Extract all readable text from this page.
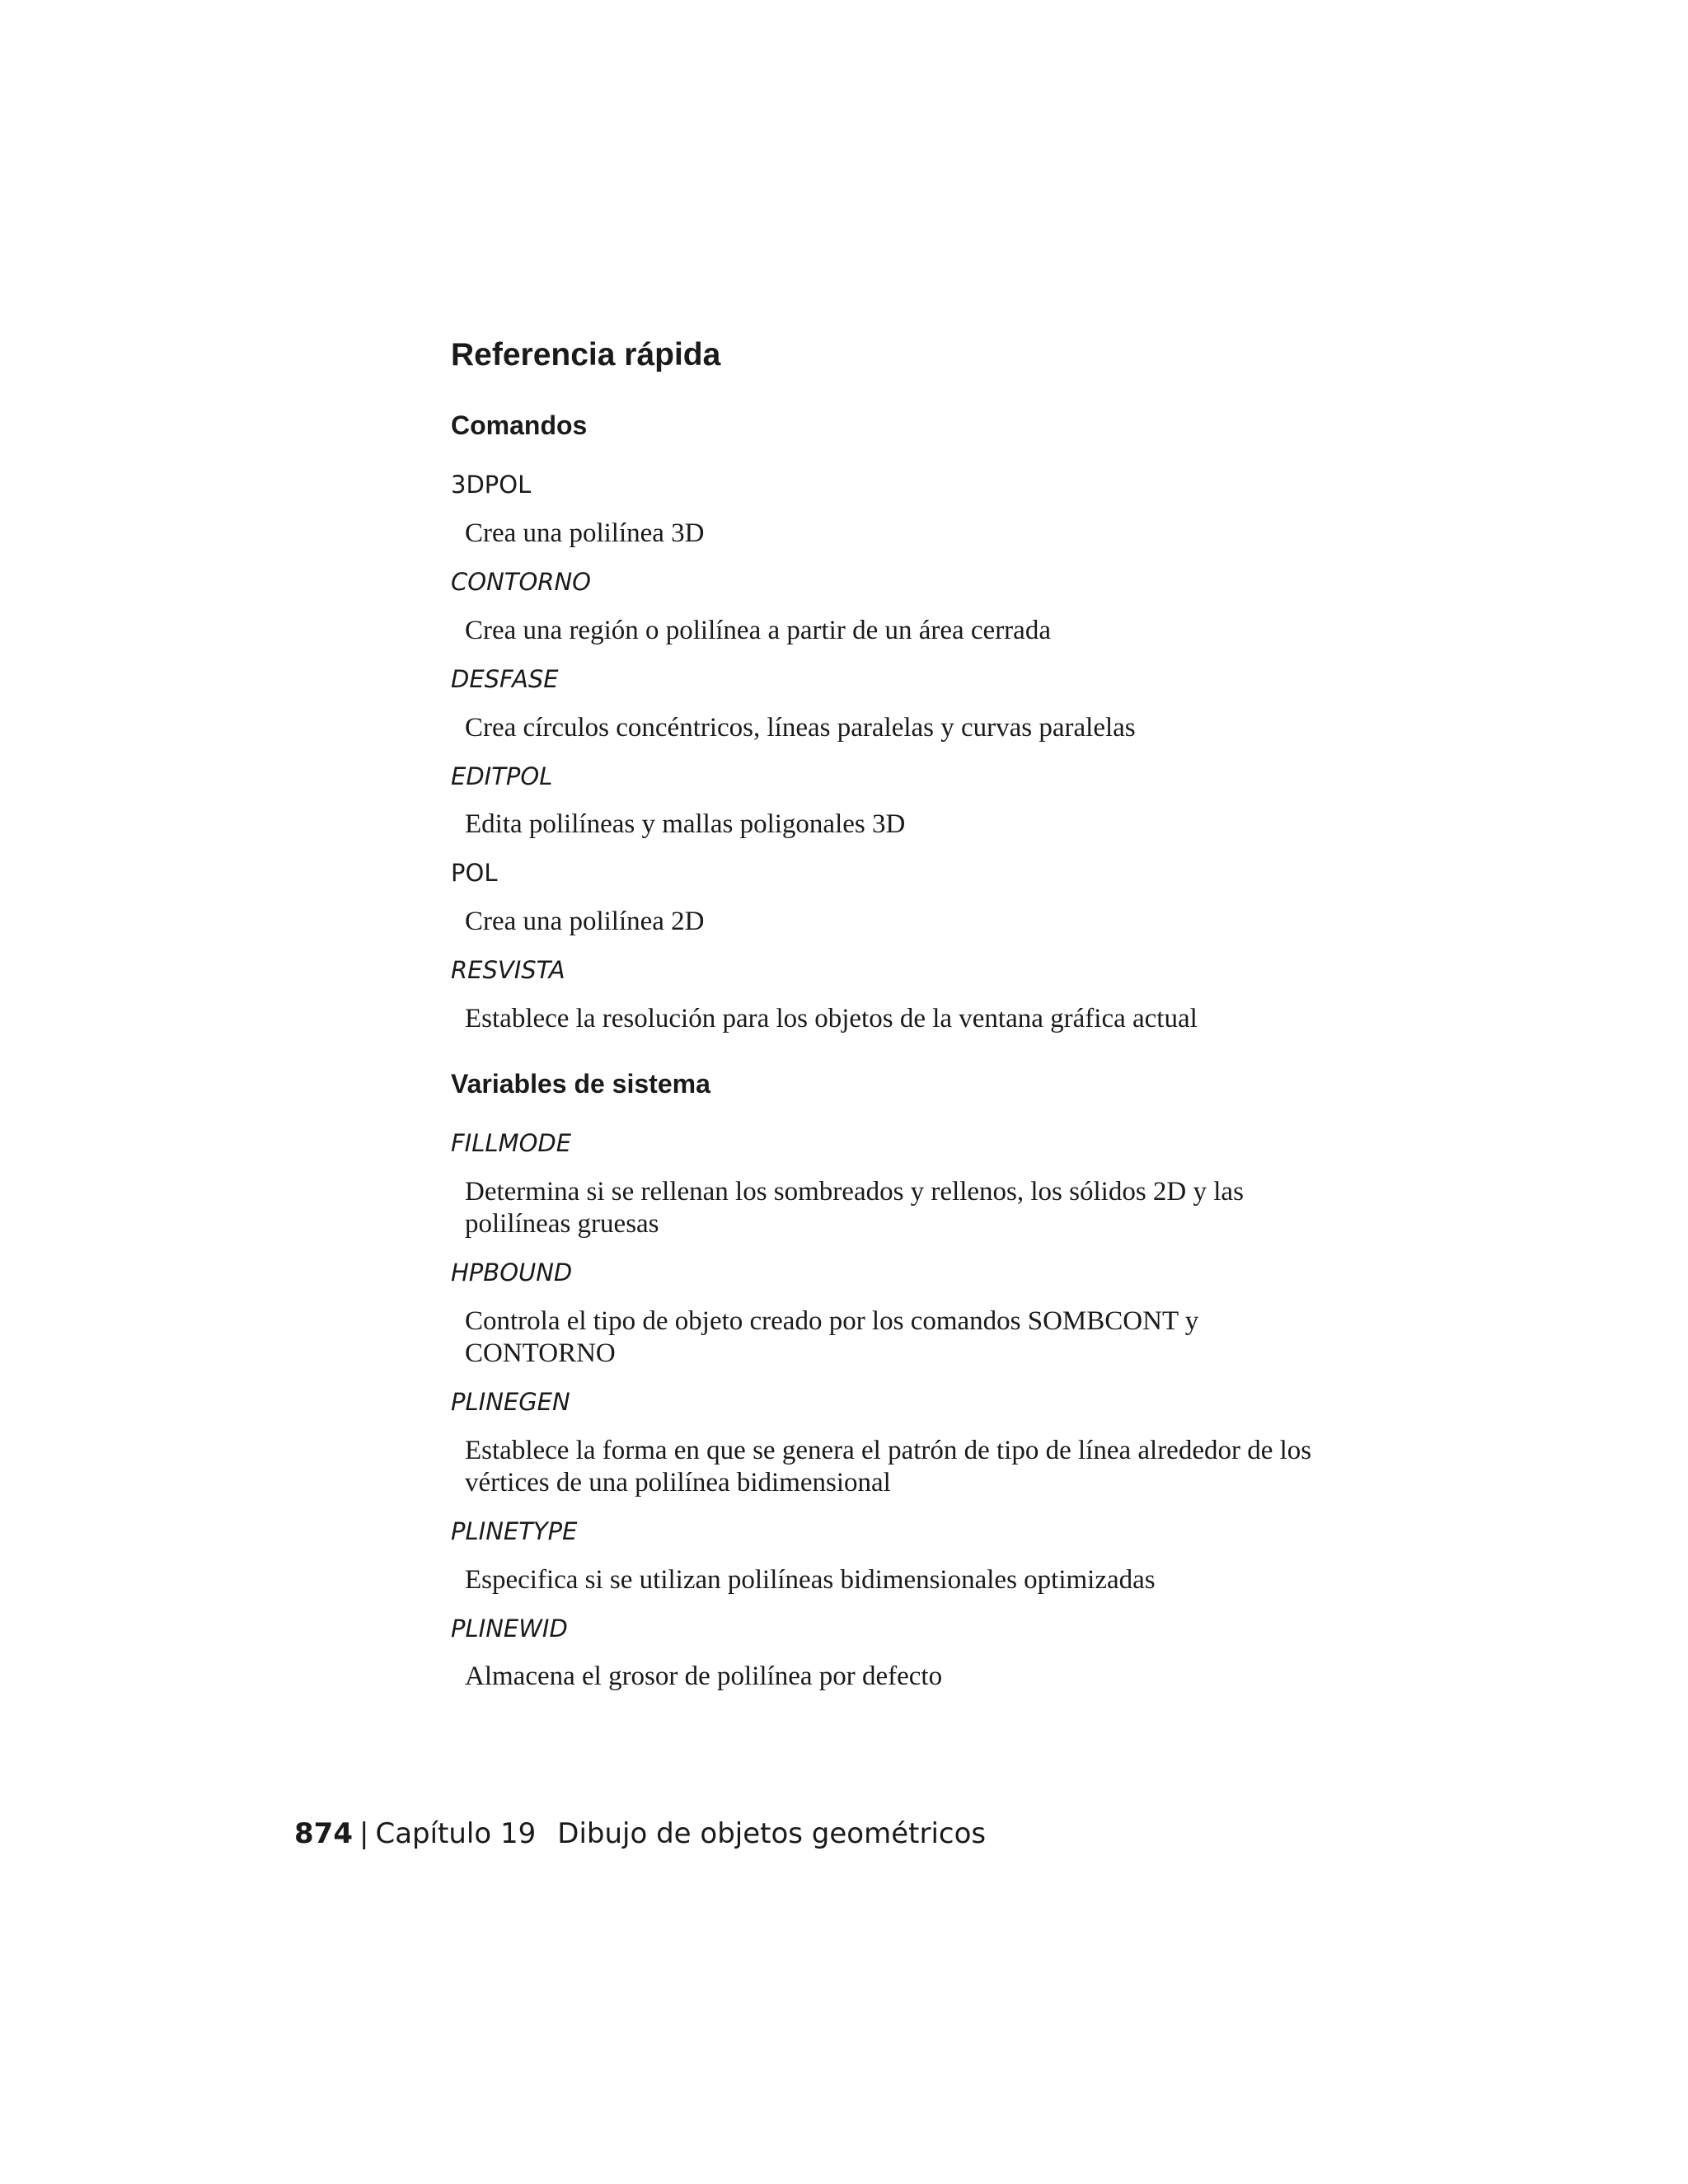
Referencia rápida
Comandos
3DPOL
Crea una polilínea 3D
CONTORNO
Crea una región o polilínea a partir de un área cerrada
DESFASE
Crea círculos concéntricos, líneas paralelas y curvas paralelas
EDITPOL
Edita polilíneas y mallas poligonales 3D
POL
Crea una polilínea 2D
RESVISTA
Establece la resolución para los objetos de la ventana gráfica actual
Variables de sistema
FILLMODE
Determina si se rellenan los sombreados y rellenos, los sólidos 2D y las polilíneas gruesas
HPBOUND
Controla el tipo de objeto creado por los comandos SOMBCONT y CONTORNO
PLINEGEN
Establece la forma en que se genera el patrón de tipo de línea alrededor de los vértices de una polilínea bidimensional
PLINETYPE
Especifica si se utilizan polilíneas bidimensionales optimizadas
PLINEWID
Almacena el grosor de polilínea por defecto
874 | Capítulo 19 Dibujo de objetos geométricos
